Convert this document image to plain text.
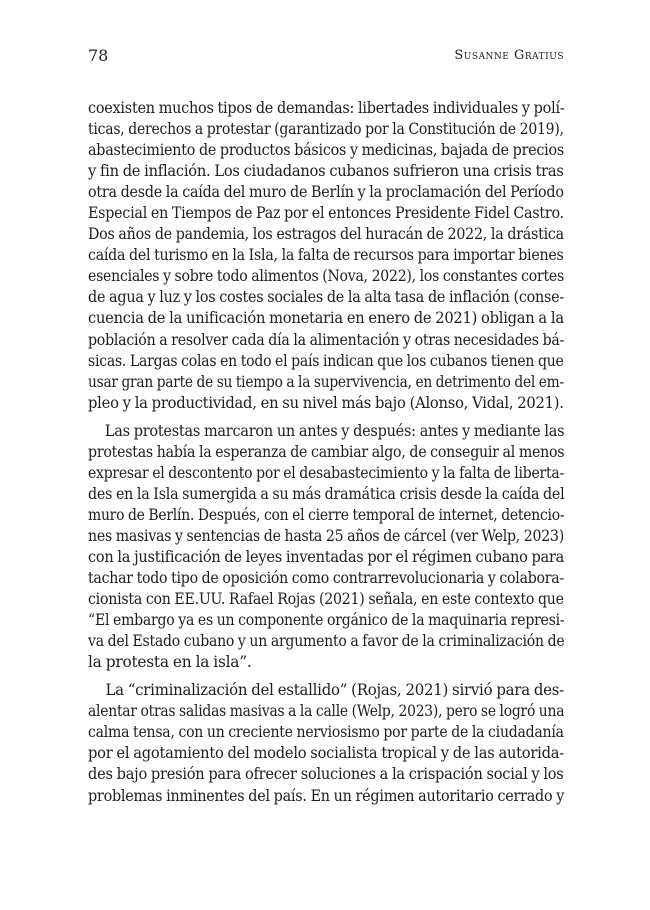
78	Susanne Gratius

coexisten muchos tipos de demandas: libertades individuales y polí-
ticas, derechos a protestar (garantizado por la Constitución de 2019),
abastecimiento de productos básicos y medicinas, bajada de precios
y fin de inflación. Los ciudadanos cubanos sufrieron una crisis tras
otra desde la caída del muro de Berlín y la proclamación del Período
Especial en Tiempos de Paz por el entonces Presidente Fidel Castro.
Dos años de pandemia, los estragos del huracán de 2022, la drástica
caída del turismo en la Isla, la falta de recursos para importar bienes
esenciales y sobre todo alimentos (Nova, 2022), los constantes cortes
de agua y luz y los costes sociales de la alta tasa de inflación (conse-
cuencia de la unificación monetaria en enero de 2021) obligan a la
población a resolver cada día la alimentación y otras necesidades bá-
sicas. Largas colas en todo el país indican que los cubanos tienen que
usar gran parte de su tiempo a la supervivencia, en detrimento del em-
pleo y la productividad, en su nivel más bajo (Alonso, Vidal, 2021).

Las protestas marcaron un antes y después: antes y mediante las
protestas había la esperanza de cambiar algo, de conseguir al menos
expresar el descontento por el desabastecimiento y la falta de liberta-
des en la Isla sumergida a su más dramática crisis desde la caída del
muro de Berlín. Después, con el cierre temporal de internet, detencio-
nes masivas y sentencias de hasta 25 años de cárcel (ver Welp, 2023)
con la justificación de leyes inventadas por el régimen cubano para
tachar todo tipo de oposición como contrarrevolucionaria y colabora-
cionista con EE.UU. Rafael Rojas (2021) señala, en este contexto que
“El embargo ya es un componente orgánico de la maquinaria represi-
va del Estado cubano y un argumento a favor de la criminalización de
la protesta en la isla”.

La “criminalización del estallido” (Rojas, 2021) sirvió para des-
alentar otras salidas masivas a la calle (Welp, 2023), pero se logró una
calma tensa, con un creciente nerviosismo por parte de la ciudadanía
por el agotamiento del modelo socialista tropical y de las autorida-
des bajo presión para ofrecer soluciones a la crispación social y los
problemas inminentes del país. En un régimen autoritario cerrado y
